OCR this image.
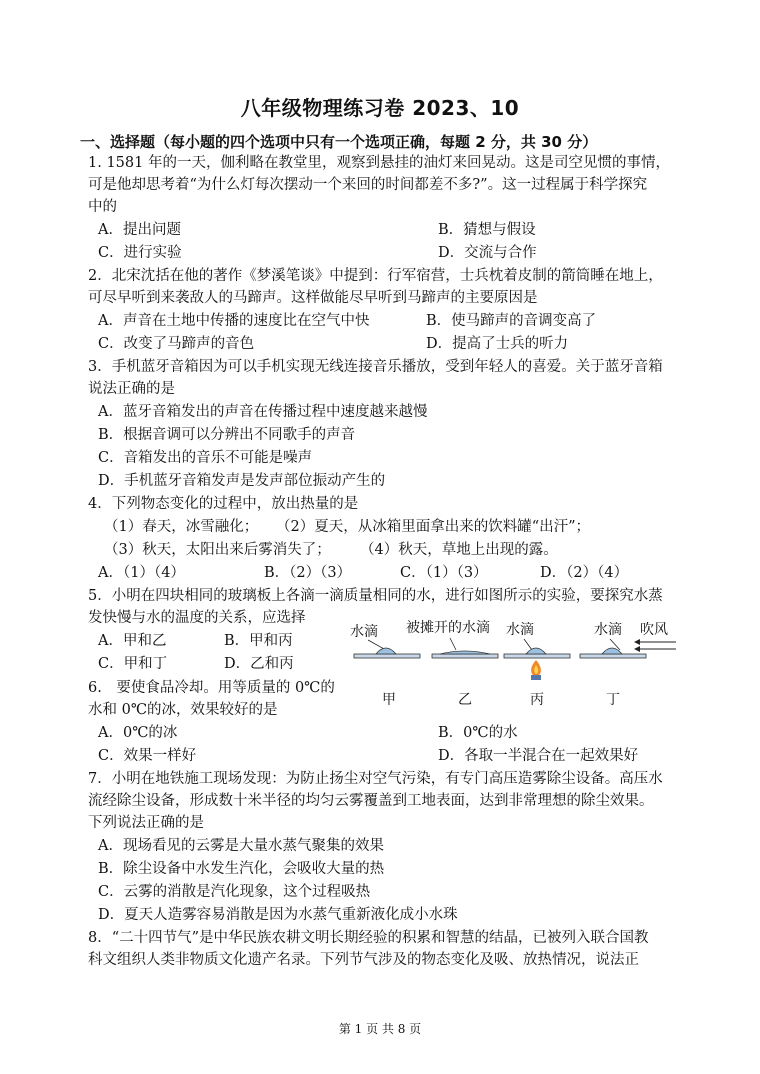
八年级物理练习卷 2023、10
一、选择题（每小题的四个选项中只有一个选项正确，每题 2 分，共 30 分）
1. 1581 年的一天，伽利略在教堂里，观察到悬挂的油灯来回晃动。这是司空见惯的事情，
可是他却思考着“为什么灯每次摆动一个来回的时间都差不多?”。这一过程属于科学探究
中的
A．提出问题	B．猜想与假设
C．进行实验	D．交流与合作
2．北宋沈括在他的著作《梦溪笔谈》中提到：行军宿营，士兵枕着皮制的箭筒睡在地上，
可尽早听到来袭敌人的马蹄声。这样做能尽早听到马蹄声的主要原因是
A．声音在土地中传播的速度比在空气中快	B．使马蹄声的音调变高了
C．改变了马蹄声的音色	D．提高了士兵的听力
3．手机蓝牙音箱因为可以手机实现无线连接音乐播放，受到年轻人的喜爱。关于蓝牙音箱
说法正确的是
A．蓝牙音箱发出的声音在传播过程中速度越来越慢
B．根据音调可以分辨出不同歌手的声音
C．音箱发出的音乐不可能是噪声
D．手机蓝牙音箱发声是发声部位振动产生的
4．下列物态变化的过程中，放出热量的是
（1）春天，冰雪融化； （2）夏天，从冰箱里面拿出来的饮料罐“出汗”；
（3）秋天，太阳出来后雾消失了； （4）秋天，草地上出现的露。
A．（1）（4）	B．（2）（3）	C．（1）（3）	D．（2）（4）
5．小明在四块相同的玻璃板上各滴一滴质量相同的水，进行如图所示的实验，要探究水蒸
发快慢与水的温度的关系，应选择
A．甲和乙	B．甲和丙
C．甲和丁	D．乙和丙
水滴 被摊开的水滴 水滴	水滴 吹风
甲	乙	丙	丁
6.　要使食品冷却。用等质量的 0℃的
水和 0℃的冰，效果较好的是
A．0℃的冰	B．0℃的水
C．效果一样好	D．各取一半混合在一起效果好
7．小明在地铁施工现场发现：为防止扬尘对空气污染，有专门高压造雾除尘设备。高压水
流经除尘设备，形成数十米半径的均匀云雾覆盖到工地表面，达到非常理想的除尘效果。
下列说法正确的是
A．现场看见的云雾是大量水蒸气聚集的效果
B．除尘设备中水发生汽化，会吸收大量的热
C．云雾的消散是汽化现象，这个过程吸热
D．夏天人造雾容易消散是因为水蒸气重新液化成小水珠
8．“二十四节气”是中华民族农耕文明长期经验的积累和智慧的结晶，已被列入联合国教
科文组织人类非物质文化遗产名录。下列节气涉及的物态变化及吸、放热情况，说法正
第 1 页 共 8 页
